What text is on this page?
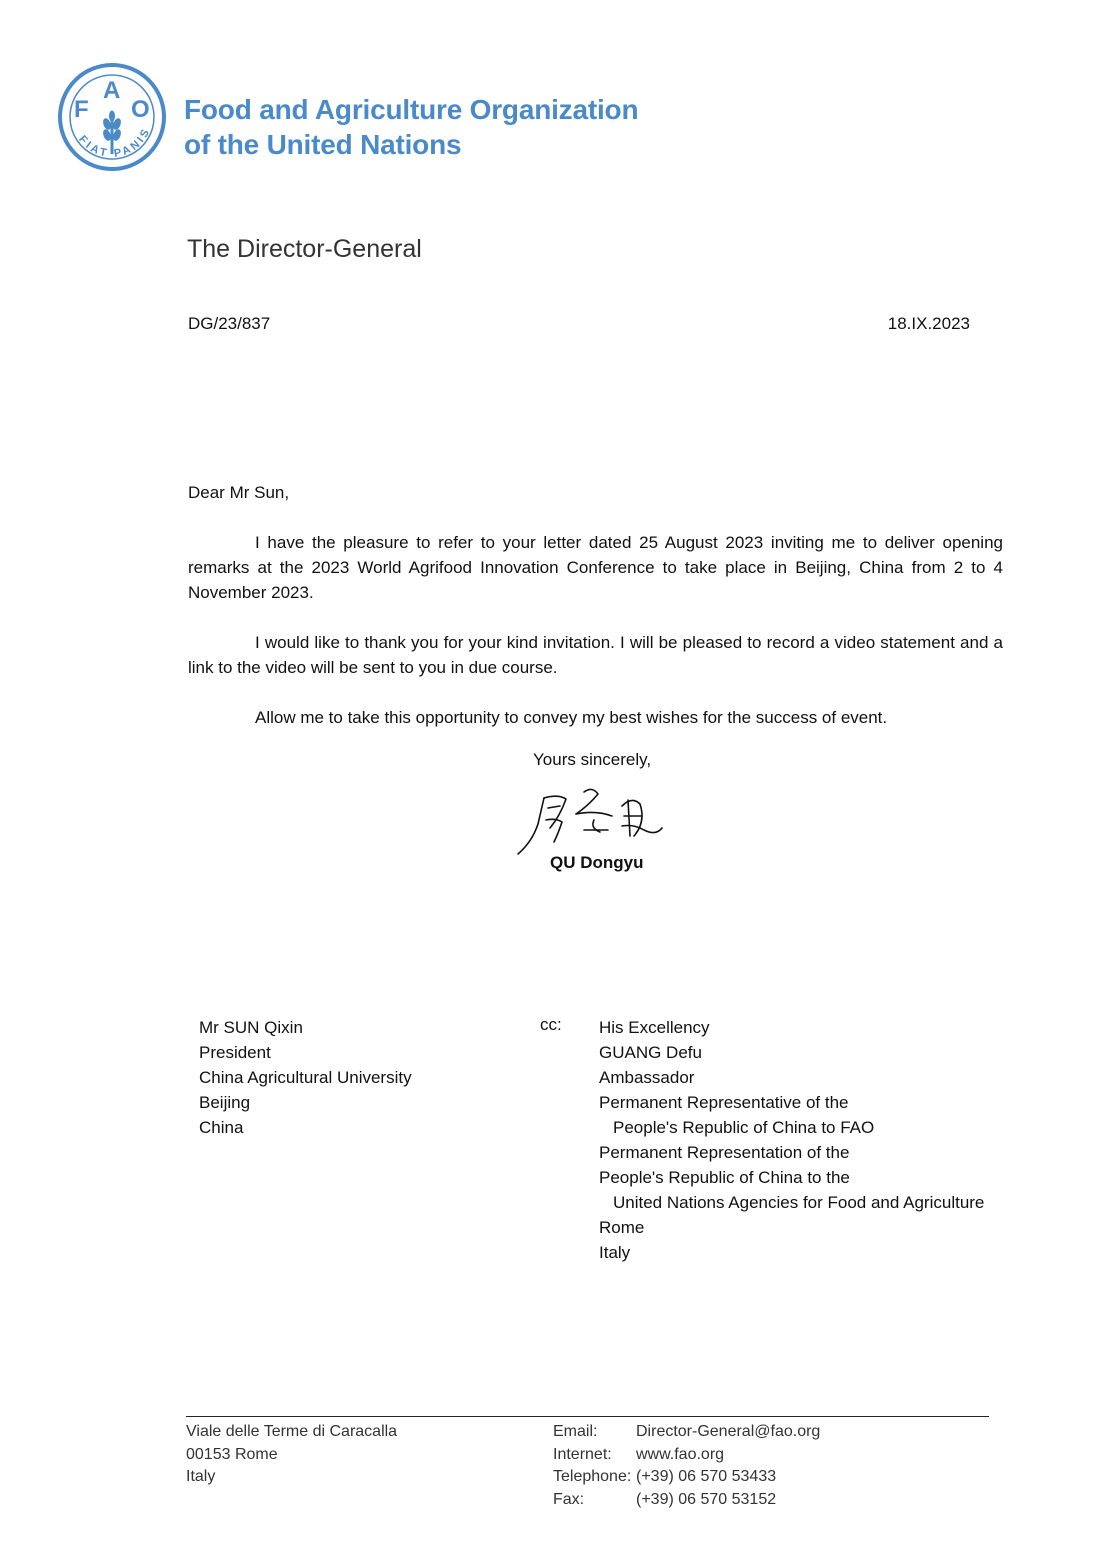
F
A
O
FIAT PANIS
Food and Agriculture Organization
of the United Nations
The Director-General
DG/23/837	18.IX.2023

Dear Mr Sun,

I have the pleasure to refer to your letter dated 25 August 2023 inviting me to deliver opening remarks at the 2023 World Agrifood Innovation Conference to take place in Beijing, China from 2 to 4 November 2023.

I would like to thank you for your kind invitation. I will be pleased to record a video statement and a link to the video will be sent to you in due course.

Allow me to take this opportunity to convey my best wishes for the success of event.

Yours sincerely,
QU Dongyu
Mr SUN Qixin
President
China Agricultural University
Beijing
China
cc: His Excellency
GUANG Defu
Ambassador
Permanent Representative of the
People's Republic of China to FAO
Permanent Representation of the
People's Republic of China to the
United Nations Agencies for Food and Agriculture
Rome
Italy
Viale delle Terme di Caracalla
00153 Rome
Italy
Email:
Internet:
Telephone:
Fax:
Director-General@fao.org
www.fao.org
(+39) 06 570 53433
(+39) 06 570 53152
